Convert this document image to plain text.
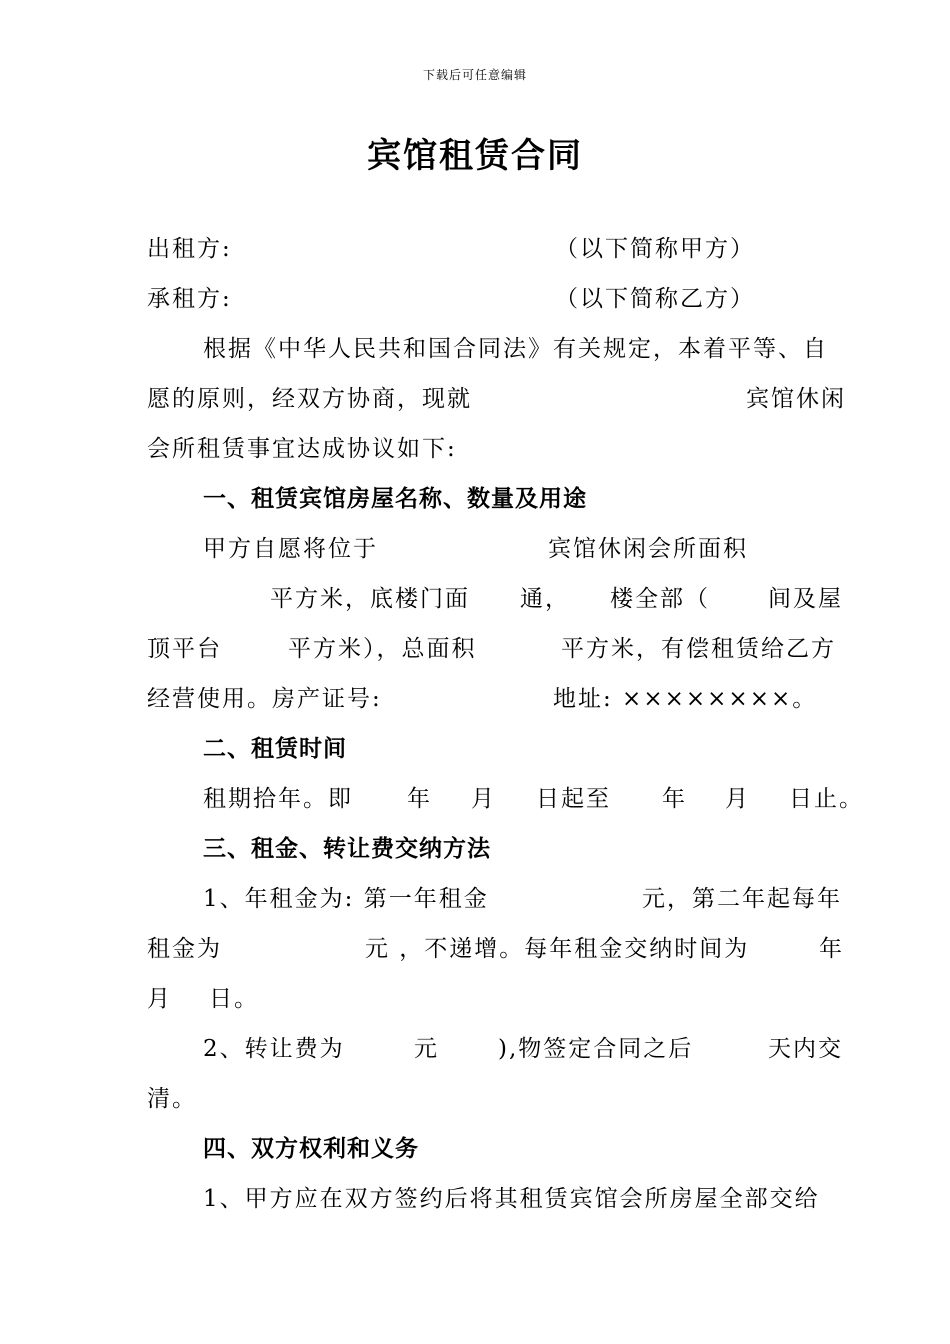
下载后可任意编辑
宾馆租赁合同
出租方:	（以下简称甲方）
承租方:	（以下简称乙方）
根据《中华人民共和国合同法》有关规定，本着平等、自
愿的原则，经双方协商，现就	宾馆休闲
会所租赁事宜达成协议如下:
一、租赁宾馆房屋名称、数量及用途
甲方自愿将位于	宾馆休闲会所面积
平方米，底楼门面 通， 楼全部（	间及屋
顶平台	平方米），总面积	平方米，有偿租赁给乙方
经营使用。房产证号:	地址: ××××××××。
二、租赁时间
租期拾年。即 年 月 日起至 年 月 日止。
三、租金、转让费交纳方法
1、年租金为: 第一年租金	元，第二年起每年
租金为	元 ，不递增。每年租金交纳时间为	年
月 日。
2、转让费为	元	),物签定合同之后	天内交
清。
四、双方权利和义务
1、甲方应在双方签约后将其租赁宾馆会所房屋全部交给
